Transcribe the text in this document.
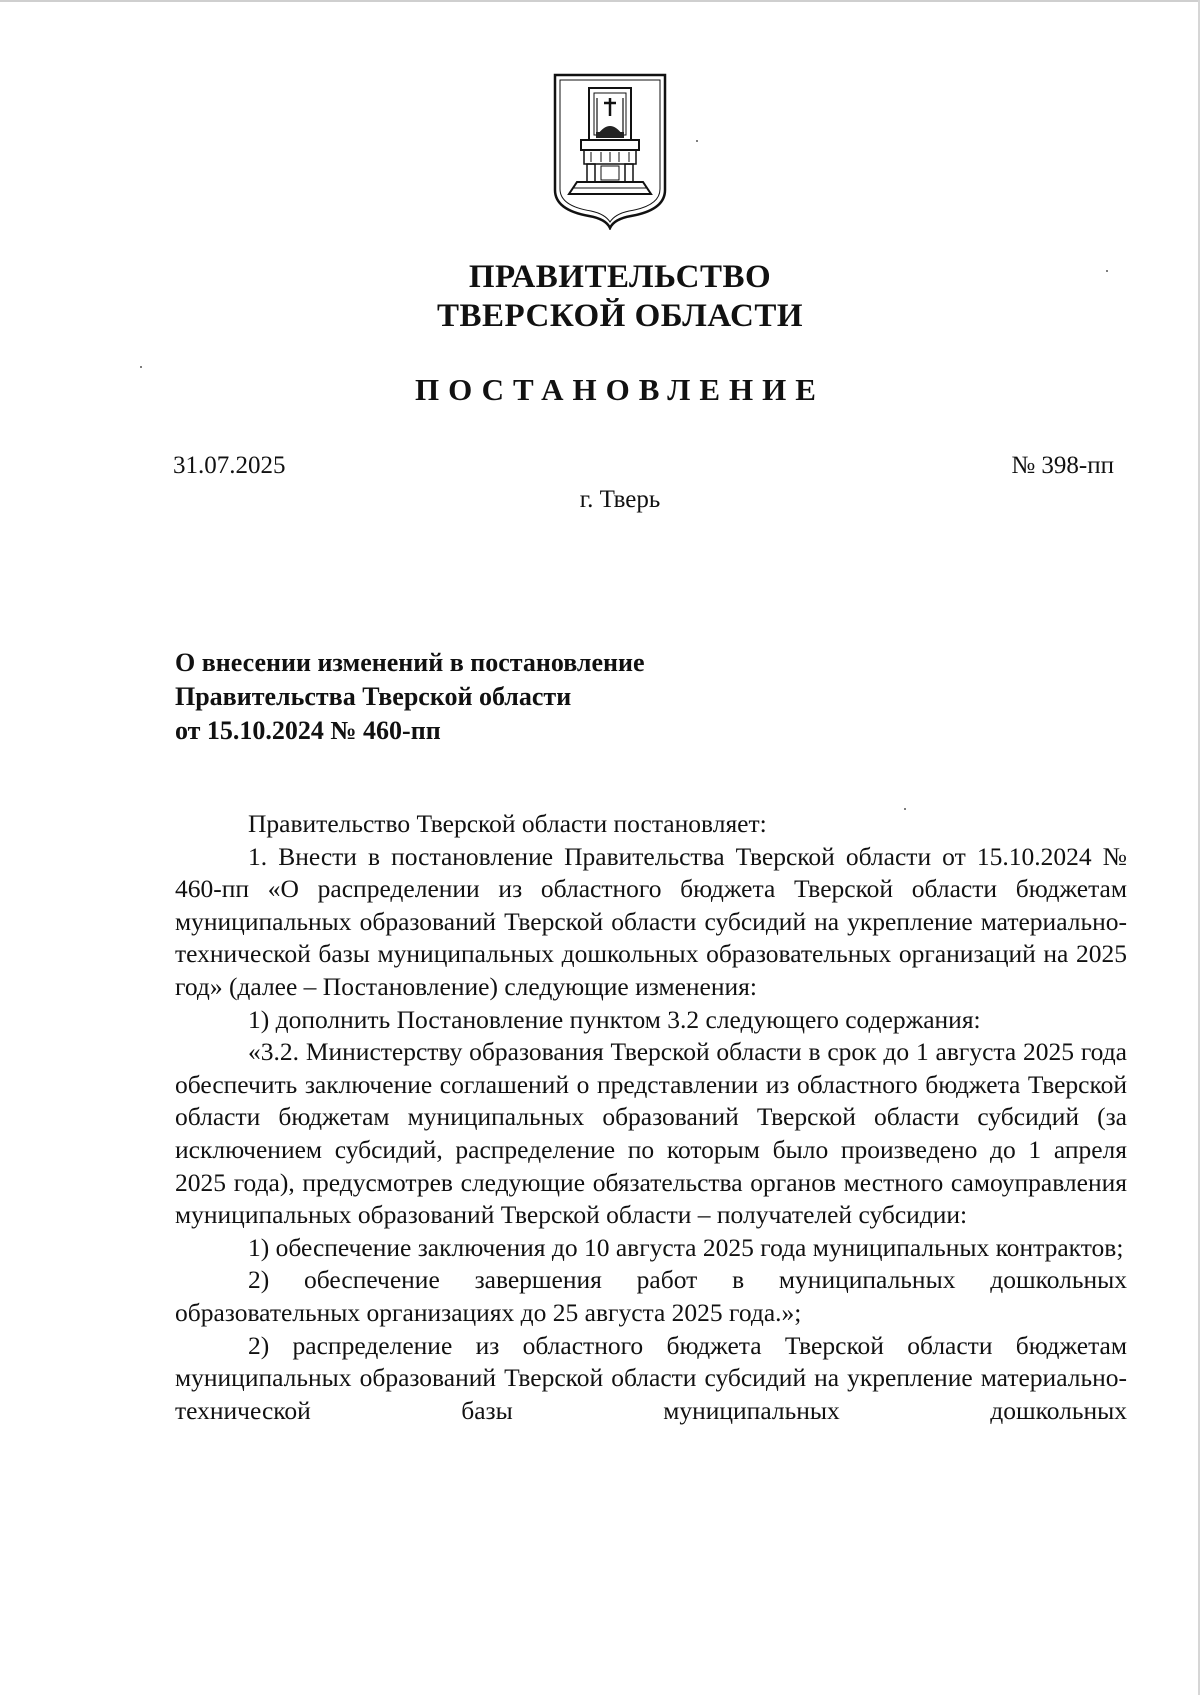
ПРАВИТЕЛЬСТВО
ТВЕРСКОЙ ОБЛАСТИ
ПОСТАНОВЛЕНИЕ
31.07.2025	№ 398-пп
г. Тверь
О внесении изменений в постановление
Правительства Тверской области
от 15.10.2024 № 460-пп

Правительство Тверской области постановляет:

1. Внести в постановление Правительства Тверской области от 15.10.2024 № 460-пп «О распределении из областного бюджета Тверской области бюджетам муниципальных образований Тверской области субсидий на укрепление материально-технической базы муниципальных дошкольных образовательных организаций на 2025 год» (далее – Постановление) следующие изменения:

1) дополнить Постановление пунктом 3.2 следующего содержания:

«3.2. Министерству образования Тверской области в срок до 1 августа 2025 года обеспечить заключение соглашений о представлении из областного бюджета Тверской области бюджетам муниципальных образований Тверской области субсидий (за исключением субсидий, распределение по которым было произведено до 1 апреля 2025 года), предусмотрев следующие обязательства органов местного самоуправления муниципальных образований Тверской области – получателей субсидии:

1) обеспечение заключения до 10 августа 2025 года муниципальных контрактов;

2) обеспечение завершения работ в муниципальных дошкольных образовательных организациях до 25 августа 2025 года.»;

2) распределение из областного бюджета Тверской области бюджетам муниципальных образований Тверской области субсидий на укрепление материально-технической базы муниципальных дошкольных
